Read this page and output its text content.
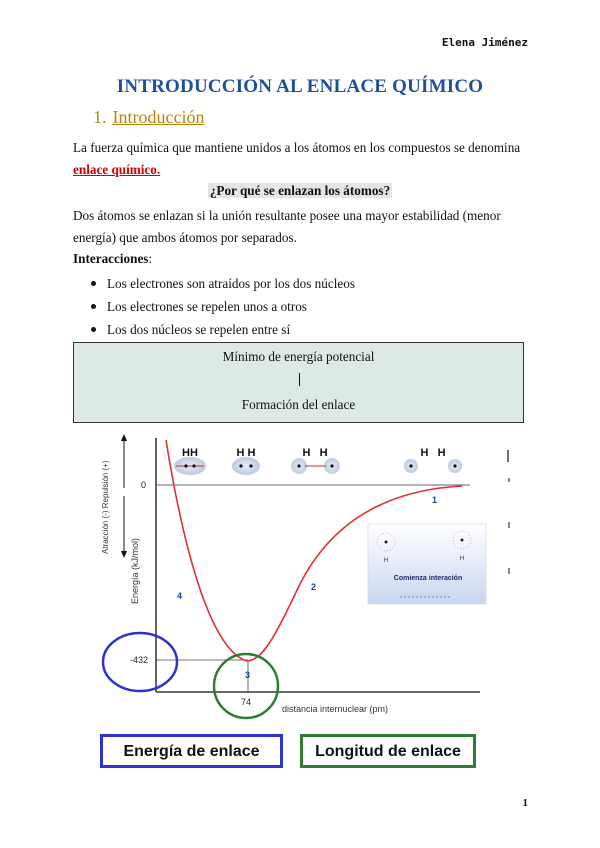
Elena Jiménez
INTRODUCCIÓN AL ENLACE QUÍMICO
1. Introducción
La fuerza química que mantiene unidos a los átomos en los compuestos se denomina enlace químico.
¿Por qué se enlazan los átomos?
Dos átomos se enlazan si la unión resultante posee una mayor estabilidad (menor energía) que ambos átomos por separados.
Interacciones:
Los electrones son atraídos por los dos núcleos
Los electrones se repelen unos a otros
Los dos núcleos se repelen entre sí
Mínimo de energía potencial
Formación del enlace
Atracción (-) Repulsión (+)
Energía (kJ/mol)
0
-432
74
distancia internuclear (pm)
1
2
3
4
HH	H H	H   H	H   H
H	H
Comienza interación
Energía de enlace	Longitud de enlace
1
